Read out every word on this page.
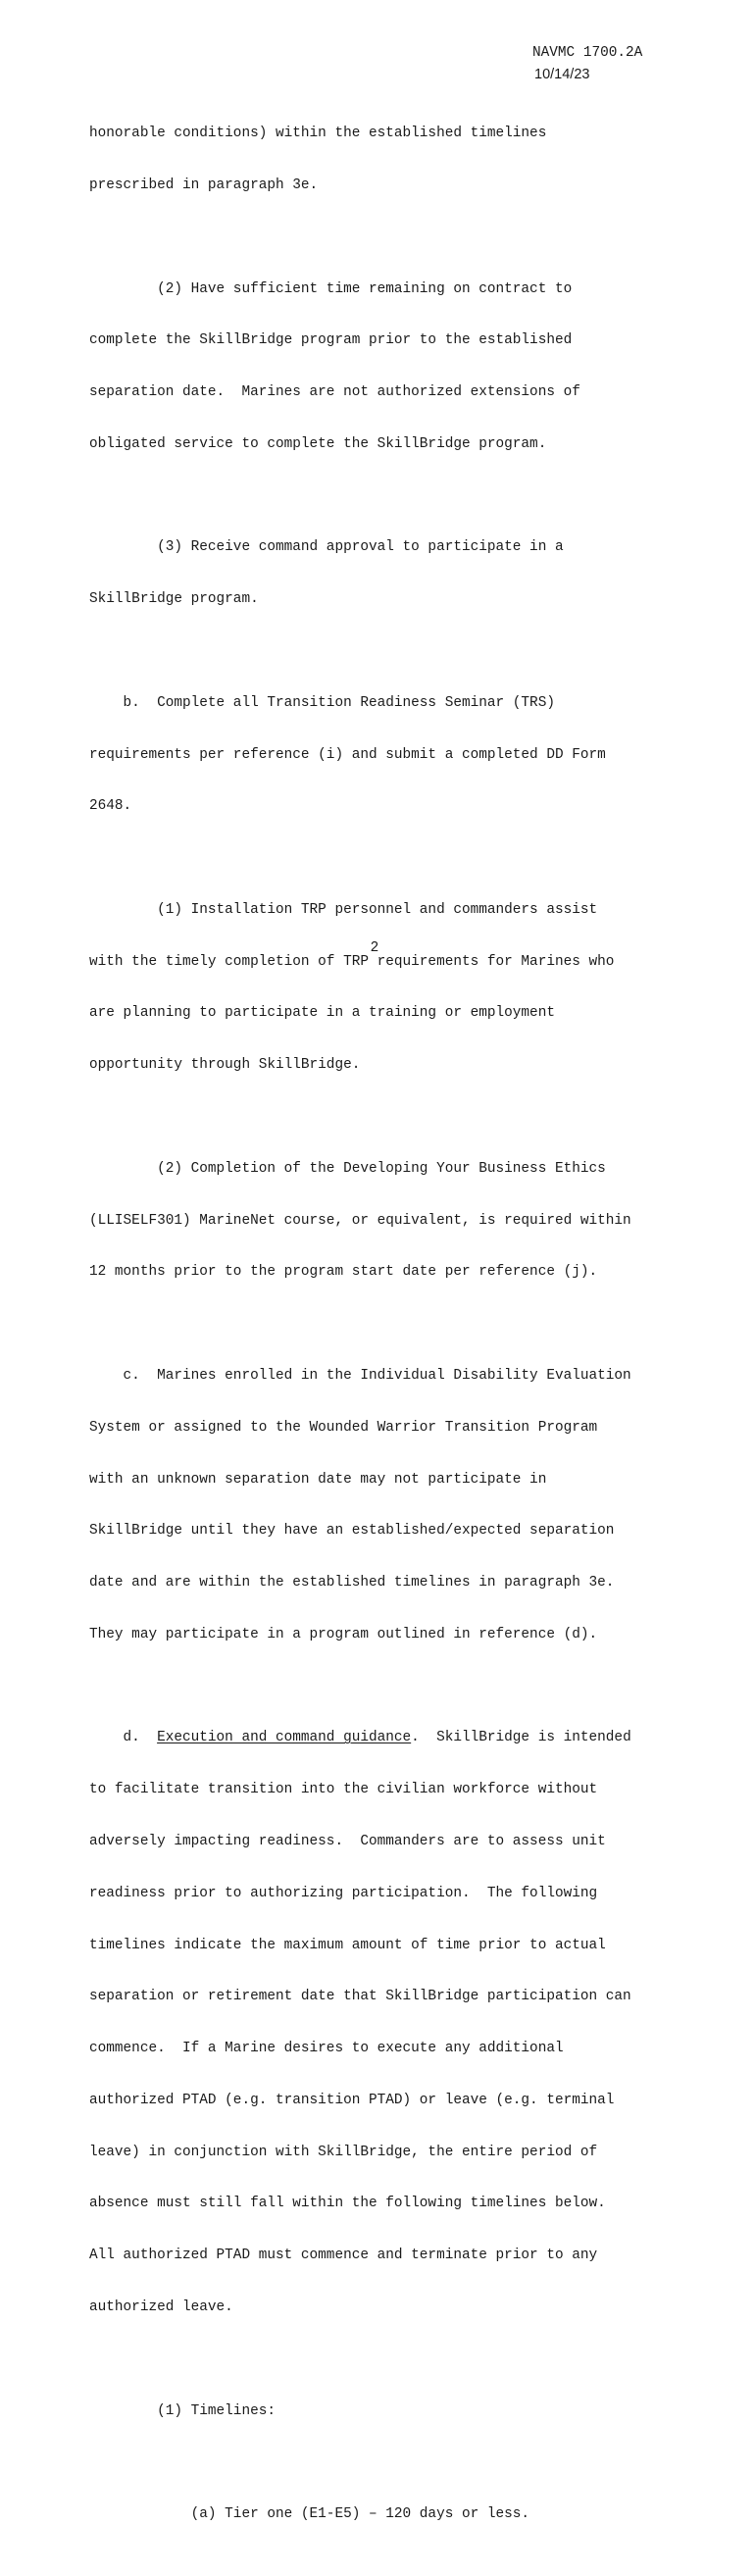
NAVMC 1700.2A
10/14/23

honorable conditions) within the established timelines

prescribed in paragraph 3e.

(2) Have sufficient time remaining on contract to

complete the SkillBridge program prior to the established

separation date.  Marines are not authorized extensions of

obligated service to complete the SkillBridge program.

(3) Receive command approval to participate in a

SkillBridge program.

b.  Complete all Transition Readiness Seminar (TRS)

requirements per reference (i) and submit a completed DD Form

2648.

(1) Installation TRP personnel and commanders assist

with the timely completion of TRP requirements for Marines who

are planning to participate in a training or employment

opportunity through SkillBridge.

(2) Completion of the Developing Your Business Ethics

(LLISELF301) MarineNet course, or equivalent, is required within

12 months prior to the program start date per reference (j).

c.  Marines enrolled in the Individual Disability Evaluation

System or assigned to the Wounded Warrior Transition Program

with an unknown separation date may not participate in

SkillBridge until they have an established/expected separation

date and are within the established timelines in paragraph 3e.

They may participate in a program outlined in reference (d).

d.  Execution and command guidance.  SkillBridge is intended

to facilitate transition into the civilian workforce without

adversely impacting readiness.  Commanders are to assess unit

readiness prior to authorizing participation.  The following

timelines indicate the maximum amount of time prior to actual

separation or retirement date that SkillBridge participation can

commence.  If a Marine desires to execute any additional

authorized PTAD (e.g. transition PTAD) or leave (e.g. terminal

leave) in conjunction with SkillBridge, the entire period of

absence must still fall within the following timelines below.

All authorized PTAD must commence and terminate prior to any

authorized leave.

(1) Timelines:

(a) Tier one (E1-E5) – 120 days or less.

2
